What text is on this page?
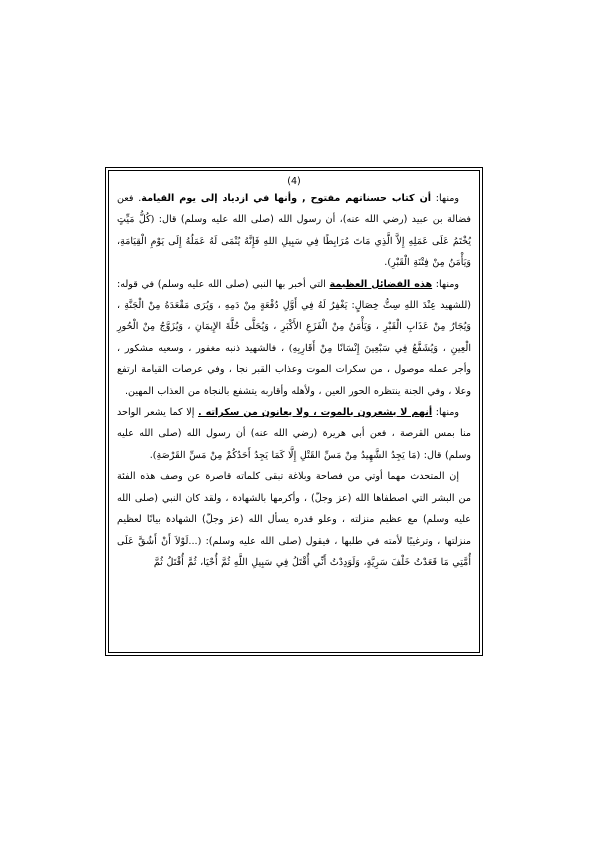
(4)

ومنها: أن كتاب حسناتهم مفتوح , وأنها في ازدياد إلى يوم القيامة. فعن فضالة بن عبيد (رضي الله عنه)، أن رسول الله (صلى الله عليه وسلم) قال: (كُلُّ مَيِّتٍ يُخْتَمُ عَلَى عَمَلِهِ إِلاَّ الَّذِي مَاتَ مُرَابِطًا فِي سَبِيلِ اللهِ فَإِنَّهُ يُنْمَى لَهُ عَمَلُهُ إِلَى يَوْمِ الْقِيَامَةِ، وَيَأْمَنُ مِنْ فِتْنَةِ الْقَبْرِ).

ومنها: هذه الفضائل العظيمة التي أخبر بها النبي (صلى الله عليه وسلم) في قوله: (للشهيد عِنْدَ اللهِ سِتُّ خِصَالٍ: يَغْفِرُ لَهُ فِي أَوَّلِ دُفْعَةٍ مِنْ دَمِهِ ، وَيُرَى مَقْعَدَهُ مِنْ الْجَنَّةِ ، وَيُجَارُ مِنْ عَذَابِ الْقَبْرِ ، وَيَأْمَنُ مِنْ الْفَزَعِ الأَكْبَرِ ، وَيُحَلَّى حُلَّةَ الإِيمَانِ ، وَيُزَوَّجُ مِنْ الْحُورِ الْعِينِ ، وَيُشَفَّعُ فِي سَبْعِينَ إِنْسَانًا مِنْ أَقَارِبِهِ) ، فالشهيد ذنبه مغفور ، وسعيه مشكور ، وأجر عمله موصول ، من سكرات الموت وعذاب القبر نجا ، وفي عرصات القيامة ارتفع وعلا ، وفي الجنة ينتظره الحور العين ، ولأهله وأقاربه يتشفع بالنجاة من العذاب المهين.

ومنها: أنهم لا يشعرون بالموت ، ولا يعانون من سكراته . إلا كما يشعر الواحد منا بمس القرصة ، فعن أبي هريرة (رضي الله عنه) أن رسول الله (صلى الله عليه وسلم) قال: (مَا يَجِدُ الشَّهِيدُ مِنْ مَسِّ القَتْلِ إِلَّا كَمَا يَجِدُ أَحَدُكُمْ مِنْ مَسِّ القَرْصَةِ).

إن المتحدث مهما أوتي من فصاحة وبلاغة تبقى كلماته قاصرة عن وصف هذه الفئة من البشر التي اصطفاها الله (عز وجلّ) ، وأكرمها بالشهادة ، ولقد كان النبي (صلى الله عليه وسلم) مع عظيم منزلته ، وعلو قدره يسأل الله (عز وجلّ) الشهادة بيانًا لعظيم منزلتها ، وترغيبًا لأمته في طلبها ، فيقول (صلى الله عليه وسلم): (...لَوْلاَ أَنْ أَشُقَّ عَلَى أُمَّتِي مَا قَعَدْتُ خَلْفَ سَرِيَّةٍ، وَلَوَدِدْتُ أَنِّي أُقْتَلُ فِي سَبِيلِ اللَّهِ ثُمَّ أُحْيَا، ثُمَّ أُقْتَلُ ثُمَّ
